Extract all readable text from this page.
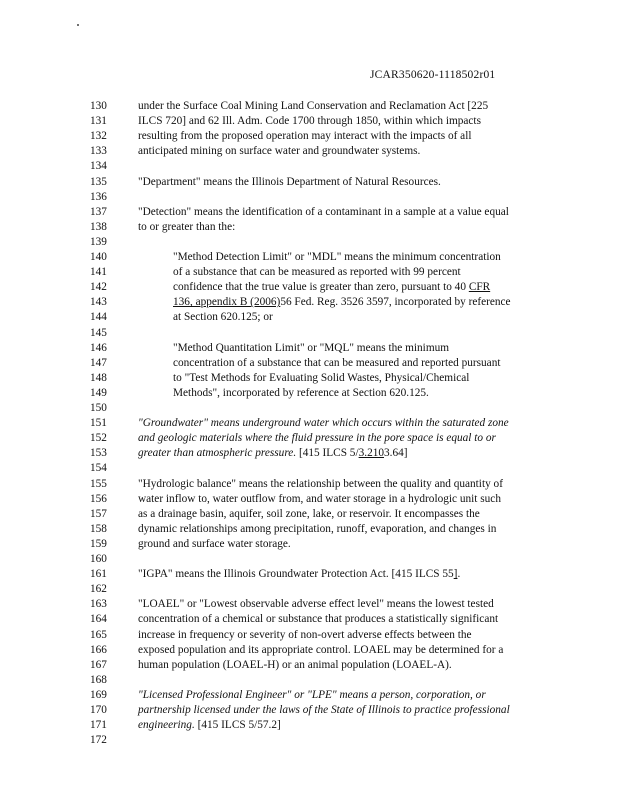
JCAR350620-1118502r01
130	under the Surface Coal Mining Land Conservation and Reclamation Act [225
131	ILCS 720] and 62 Ill. Adm. Code 1700 through 1850, within which impacts
132	resulting from the proposed operation may interact with the impacts of all
133	anticipated mining on surface water and groundwater systems.
134
135	"Department" means the Illinois Department of Natural Resources.
136
137	"Detection" means the identification of a contaminant in a sample at a value equal
138	to or greater than the:
139
140	"Method Detection Limit" or "MDL" means the minimum concentration
141	of a substance that can be measured as reported with 99 percent
142	confidence that the true value is greater than zero, pursuant to 40 CFR
143	136, appendix B (2006)56 Fed. Reg. 3526 3597, incorporated by reference
144	at Section 620.125; or
145
146	"Method Quantitation Limit" or "MQL" means the minimum
147	concentration of a substance that can be measured and reported pursuant
148	to "Test Methods for Evaluating Solid Wastes, Physical/Chemical
149	Methods", incorporated by reference at Section 620.125.
150
151	"Groundwater" means underground water which occurs within the saturated zone
152	and geologic materials where the fluid pressure in the pore space is equal to or
153	greater than atmospheric pressure. [415 ILCS 5/3.2103.64]
154
155	"Hydrologic balance" means the relationship between the quality and quantity of
156	water inflow to, water outflow from, and water storage in a hydrologic unit such
157	as a drainage basin, aquifer, soil zone, lake, or reservoir. It encompasses the
158	dynamic relationships among precipitation, runoff, evaporation, and changes in
159	ground and surface water storage.
160
161	"IGPA" means the Illinois Groundwater Protection Act. [415 ILCS 55].
162
163	"LOAEL" or "Lowest observable adverse effect level" means the lowest tested
164	concentration of a chemical or substance that produces a statistically significant
165	increase in frequency or severity of non-overt adverse effects between the
166	exposed population and its appropriate control. LOAEL may be determined for a
167	human population (LOAEL-H) or an animal population (LOAEL-A).
168
169	"Licensed Professional Engineer" or "LPE" means a person, corporation, or
170	partnership licensed under the laws of the State of Illinois to practice professional
171	engineering. [415 ILCS 5/57.2]
172
